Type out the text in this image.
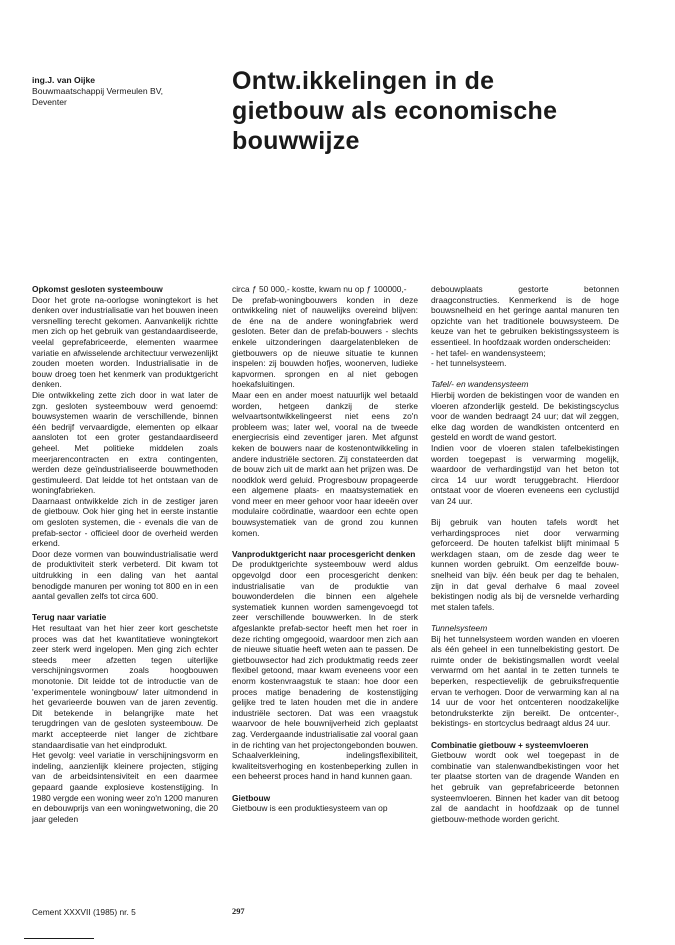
ing.J. van Oijke
Bouwmaatschappij Vermeulen BV,
Deventer
Ontw.ikkelingen in de
gietbouw als economische
bouwwijze
Opkomst gesloten systeembouw

Door het grote na-oorlogse woningtekort is het denken over industrialisatie van het bouwen ineen versnelling terecht gekomen. Aanvankelijk richtte men zich op het gebruik van gestandaardiseerde, veelal geprefabriceerde, elementen waarmee variatie en afwisselende architectuur verwezenlijkt zouden moeten worden. Industrialisatie in de bouw droeg toen het kenmerk van produktgericht denken.

Die ontwikkeling zette zich door in wat later de zgn. gesloten systeembouw werd genoemd: bouwsystemen waarin de verschillende, binnen één bedrijf vervaardigde, elementen op elkaar aansloten tot een groter gestandaardiseerd geheel. Met politieke middelen zoals meerjarencontracten en extra contingenten, werden deze geïndustrialiseerde bouwmethoden gestimuleerd. Dat leidde tot het ontstaan van de woningfabrieken.

Daarnaast ontwikkelde zich in de zestiger jaren de gietbouw. Ook hier ging het in eerste instantie om gesloten systemen, die - evenals die van de prefab-sector - officieel door de overheid werden erkend.

Door deze vormen van bouwindustrialisatie werd de produktiviteit sterk verbeterd. Dit kwam tot uitdrukking in een daling van het aantal benodigde manuren per woning tot 800 en in een aantal gevallen zelfs tot circa 600.

Terug naar variatie

Het resultaat van het hier zeer kort geschetste proces was dat het kwantitatieve woningtekort zeer sterk werd ingelopen. Men ging zich echter steeds meer afzetten tegen uiterlijke verschijningsvormen zoals hoogbouwen monotonie. Dit leidde tot de introductie van de 'experimentele woningbouw' later uitmondend in het gevarieerde bouwen van de jaren zeventig. Dit betekende in belangrijke mate het terugdringen van de gesloten systeembouw. De markt accepteerde niet langer de zichtbare standaardisatie van het eindprodukt.

Het gevolg: veel variatie in verschijningsvorm en indeling, aanzienlijk kleinere projecten, stijging van de arbeidsintensiviteit en een daarmee gepaard gaande explosieve kostenstijging. In 1980 vergde een woning weer zo'n 1200 manuren en debouwprijs van een woningwetwoning, die 20 jaar geleden

circa ƒ 50 000,- kostte, kwam nu op ƒ 100000,-

De prefab-woningbouwers konden in deze ontwikkeling niet of nauwelijks overeind blijven: de éne na de andere woningfabriek werd gesloten. Beter dan de prefab-bouwers - slechts enkele uitzonderingen daargelatenbleken de gietbouwers op de nieuwe situatie te kunnen inspelen: zij bouwden hofjes, woonerven, ludieke kapvormen. sprongen en al niet gebogen hoekafsluitingen.

Maar een en ander moest natuurlijk wel betaald worden, hetgeen dankzij de sterke welvaartsontwikkelingeerst niet eens zo'n probleem was; later wel, vooral na de tweede energiecrisis eind zeventiger jaren. Met afgunst keken de bouwers naar de kostenontwikkeling in andere industriële sectoren. Zij constateerden dat de bouw zich uit de markt aan het prijzen was. De noodklok werd geluid. Progresbouw propageerde een algemene plaats- en maatsystematiek en vond meer en meer gehoor voor haar ideeën over modulaire coördinatie, waardoor een echte open bouwsystematiek van de grond zou kunnen komen.

Vanproduktgericht naar procesgericht denken

De produktgerichte systeembouw werd aldus opgevolgd door een procesgericht denken: industrialisatie van de produktie van bouwonderdelen die binnen een algehele systematiek kunnen worden samengevoegd tot zeer verschillende bouwwerken. In de sterk afgeslankte prefab-sector heeft men het roer in deze richting omgegooid, waardoor men zich aan de nieuwe situatie heeft weten aan te passen. De gietbouwsector had zich produktmatig reeds zeer flexibel getoond, maar kwam eveneens voor een enorm kostenvraagstuk te staan: hoe door een proces matige benadering de kostenstijging gelijke tred te laten houden met die in andere industriële sectoren. Dat was een vraagstuk waarvoor de hele bouwnijverheid zich geplaatst zag. Verdergaande industrialisatie zal vooral gaan in de richting van het projectongebonden bouwen. Schaalverkleining, indelingsflexibiliteit, kwaliteitsverhoging en kostenbeperking zullen in een beheerst proces hand in hand kunnen gaan.

Gietbouw

Gietbouw is een produktiesysteem van op

debouwplaats gestorte betonnen draagconstructies. Kenmerkend is de hoge bouwsnelheid en het geringe aantal manuren ten opzichte van het traditionele bouwsysteem. De keuze van het te gebruiken bekistingssysteem is essentieel. In hoofdzaak worden onderscheiden:

- het tafel- en wandensysteem;
- het tunnelsysteem.

Tafel/- en wandensysteem

Hierbij worden de bekistingen voor de wanden en vloeren afzonderlijk gesteld. De bekistingscyclus voor de wanden bedraagt 24 uur; dat wil zeggen, elke dag worden de wandkisten ontcenterd en gesteld en wordt de wand gestort.

Indien voor de vloeren stalen tafelbekistingen worden toegepast is verwarming mogelijk, waardoor de verhardingstijd van het beton tot circa 14 uur wordt teruggebracht. Hierdoor ontstaat voor de vloeren eveneens een cyclustijd van 24 uur.

Bij gebruik van houten tafels wordt het verhardingsproces niet door verwarming geforceerd. De houten tafelkist blijft minimaal 5 werkdagen staan, om de zesde dag weer te kunnen worden gebruikt. Om eenzelfde bouw-snelheid van bijv. één beuk per dag te behalen, zijn in dat geval derhalve 6 maal zoveel bekistingen nodig als bij de versnelde verharding met stalen tafels.

Tunnelsysteem

Bij het tunnelsysteem worden wanden en vloeren als één geheel in een tunnelbekisting gestort. De ruimte onder de bekistingsmallen wordt veelal verwarmd om het aantal in te zetten tunnels te beperken, respectievelijk de gebruiksfrequentie ervan te verhogen. Door de verwarming kan al na 14 uur de voor het ontcenteren noodzakelijke betondruksterkte zijn bereikt. De ontcenter-, bekistings- en stortcyclus bedraagt aldus 24 uur.

Combinatie gietbouw + systeemvloeren

Gietbouw wordt ook wel toegepast in de combinatie van stalenwandbekistingen voor het ter plaatse storten van de dragende Wanden en het gebruik van geprefabriceerde betonnen systeemvloeren. Binnen het kader van dit betoog zal de aandacht in hoofdzaak op de tunnel gietbouw-methode worden gericht.

Cement XXXVII (1985) nr. 5	297
